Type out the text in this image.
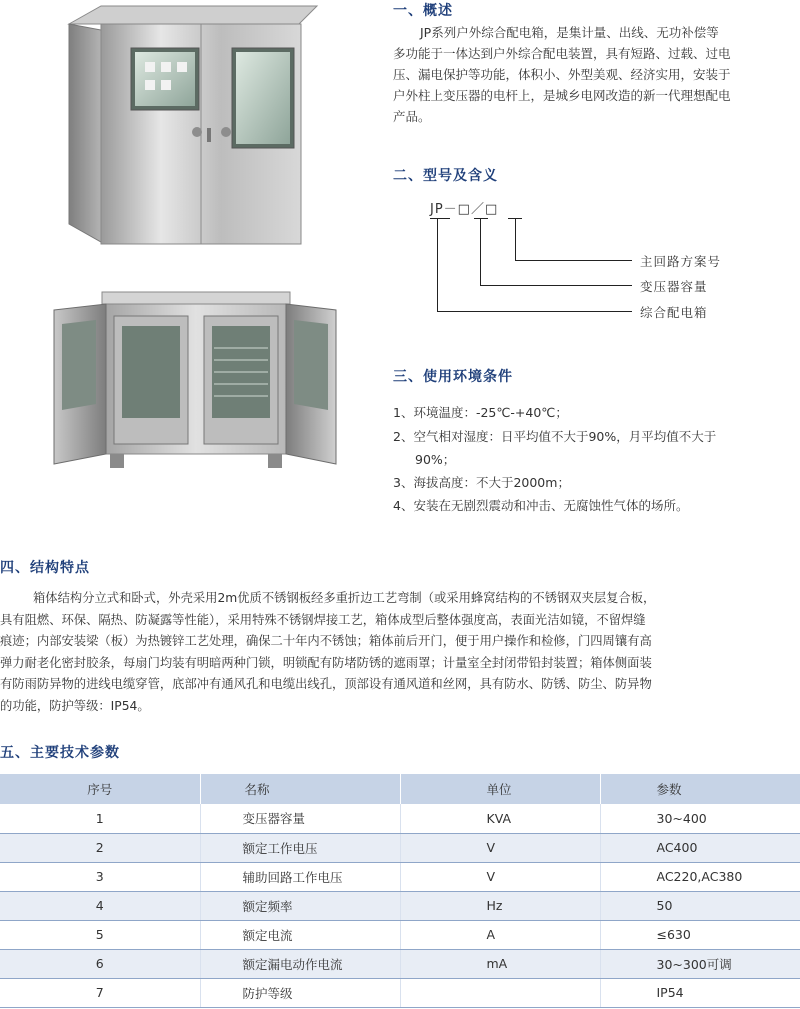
一、概述
JP系列户外综合配电箱，是集计量、出线、无功补偿等
多功能于一体达到户外综合配电装置，具有短路、过载、过电
压、漏电保护等功能，体积小、外型美观、经济实用，安装于
户外柱上变压器的电杆上，是城乡电网改造的新一代理想配电
产品。
二、型号及含义
JP－□／□
主回路方案号
变压器容量
综合配电箱
三、使用环境条件
1、环境温度：-25℃-+40℃；
2、空气相对湿度：日平均值不大于90%，月平均值不大于
90%；
3、海拔高度：不大于2000m；
4、安装在无剧烈震动和冲击、无腐蚀性气体的场所。
四、结构特点
箱体结构分立式和卧式，外壳采用2m优质不锈钢板经多重折边工艺弯制（或采用蜂窝结构的不锈钢双夹层复合板，
具有阻燃、环保、隔热、防凝露等性能），采用特殊不锈钢焊接工艺，箱体成型后整体强度高，表面光洁如镜，不留焊缝
痕迹；内部安装梁（板）为热镀锌工艺处理，确保二十年内不锈蚀；箱体前后开门，便于用户操作和检修，门四周镶有高
弹力耐老化密封胶条，每扇门均装有明暗两种门锁，明锁配有防堵防锈的遮雨罩；计量室全封闭带铅封装置；箱体侧面装
有防雨防异物的进线电缆穿管，底部冲有通风孔和电缆出线孔，顶部设有通风道和丝网，具有防水、防锈、防尘、防异物
的功能，防护等级：IP54。
五、主要技术参数
序号	名称	单位	参数
1	变压器容量	KVA	30~400
2	额定工作电压	V	AC400
3	辅助回路工作电压	V	AC220,AC380
4	额定频率	Hz	50
5	额定电流	A	≤630
6	额定漏电动作电流	mA	30~300可调
7	防护等级		IP54
